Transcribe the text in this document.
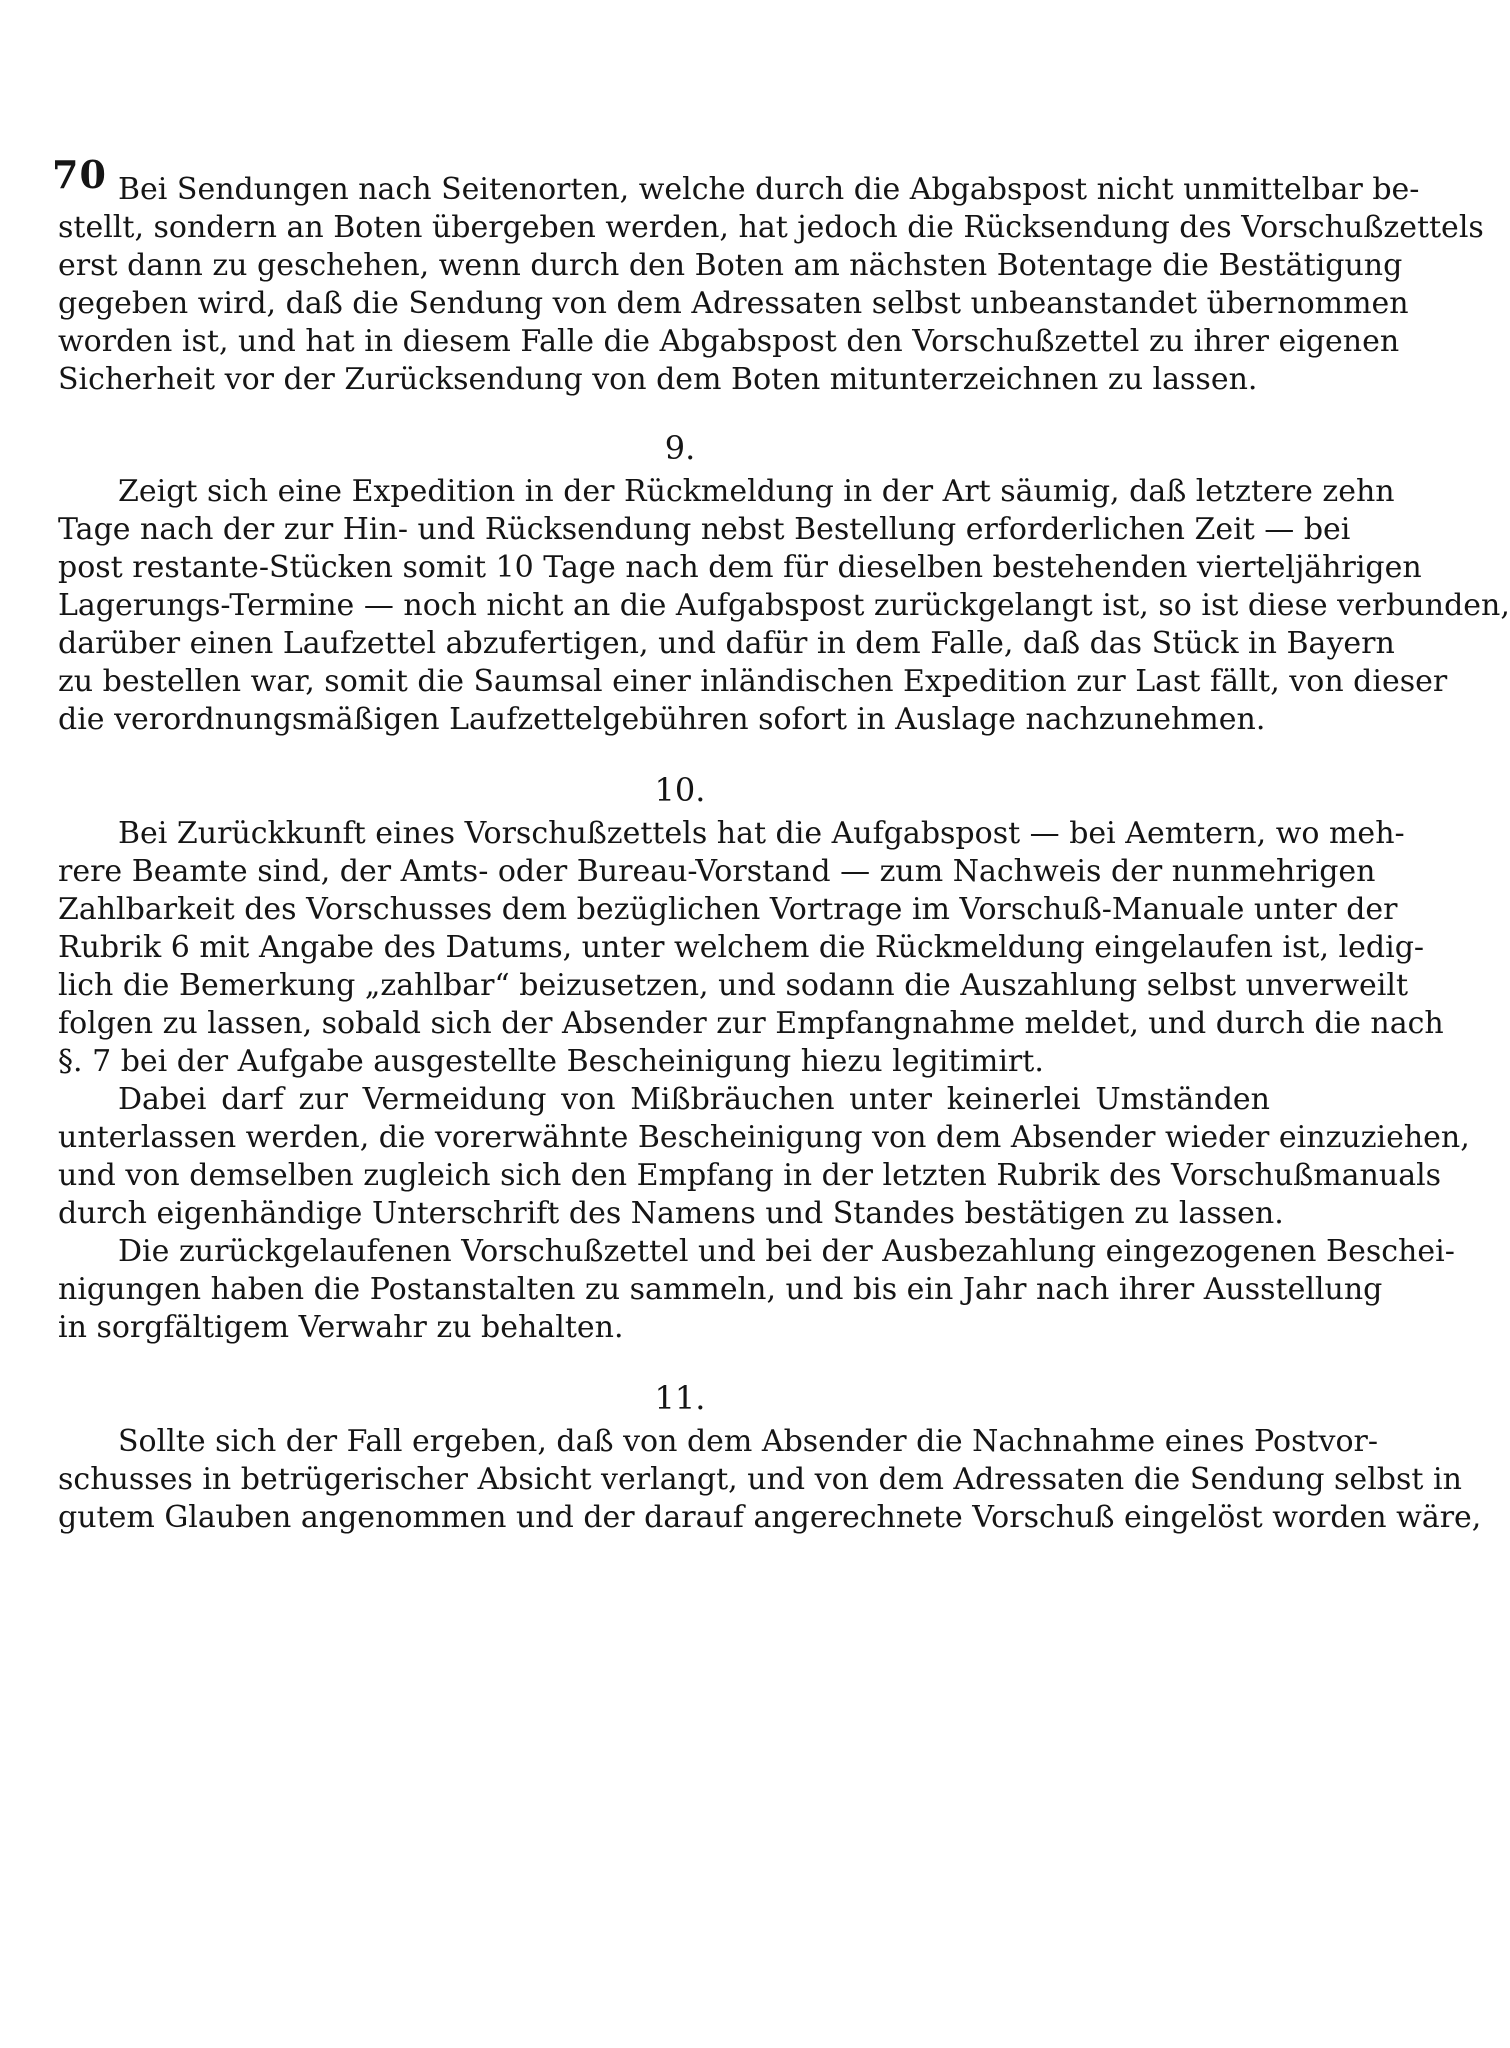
70 Bei Sendungen nach Seitenorten, welche durch die Abgabspost nicht unmittelbar be-
stellt, sondern an Boten übergeben werden, hat jedoch die Rücksendung des Vorschußzettels
erst dann zu geschehen, wenn durch den Boten am nächsten Botentage die Bestätigung
gegeben wird, daß die Sendung von dem Adressaten selbst unbeanstandet übernommen
worden ist, und hat in diesem Falle die Abgabspost den Vorschußzettel zu ihrer eigenen
Sicherheit vor der Zurücksendung von dem Boten mitunterzeichnen zu lassen.
9.
Zeigt sich eine Expedition in der Rückmeldung in der Art säumig, daß letztere zehn
Tage nach der zur Hin- und Rücksendung nebst Bestellung erforderlichen Zeit — bei
post restante-Stücken somit 10 Tage nach dem für dieselben bestehenden vierteljährigen
Lagerungs-Termine — noch nicht an die Aufgabspost zurückgelangt ist, so ist diese verbunden,
darüber einen Laufzettel abzufertigen, und dafür in dem Falle, daß das Stück in Bayern
zu bestellen war, somit die Saumsal einer inländischen Expedition zur Last fällt, von dieser
die verordnungsmäßigen Laufzettelgebühren sofort in Auslage nachzunehmen.
10.
Bei Zurückkunft eines Vorschußzettels hat die Aufgabspost — bei Aemtern, wo meh-
rere Beamte sind, der Amts- oder Bureau-Vorstand — zum Nachweis der nunmehrigen
Zahlbarkeit des Vorschusses dem bezüglichen Vortrage im Vorschuß-Manuale unter der
Rubrik 6 mit Angabe des Datums, unter welchem die Rückmeldung eingelaufen ist, ledig-
lich die Bemerkung „zahlbar“ beizusetzen, und sodann die Auszahlung selbst unverweilt
folgen zu lassen, sobald sich der Absender zur Empfangnahme meldet, und durch die nach
§. 7 bei der Aufgabe ausgestellte Bescheinigung hiezu legitimirt.
Dabei darf zur Vermeidung von Mißbräuchen unter keinerlei Umständen
unterlassen werden, die vorerwähnte Bescheinigung von dem Absender wieder einzuziehen,
und von demselben zugleich sich den Empfang in der letzten Rubrik des Vorschußmanuals
durch eigenhändige Unterschrift des Namens und Standes bestätigen zu lassen.
Die zurückgelaufenen Vorschußzettel und bei der Ausbezahlung eingezogenen Beschei-
nigungen haben die Postanstalten zu sammeln, und bis ein Jahr nach ihrer Ausstellung
in sorgfältigem Verwahr zu behalten.
11.
Sollte sich der Fall ergeben, daß von dem Absender die Nachnahme eines Postvor-
schusses in betrügerischer Absicht verlangt, und von dem Adressaten die Sendung selbst in
gutem Glauben angenommen und der darauf angerechnete Vorschuß eingelöst worden wäre,
